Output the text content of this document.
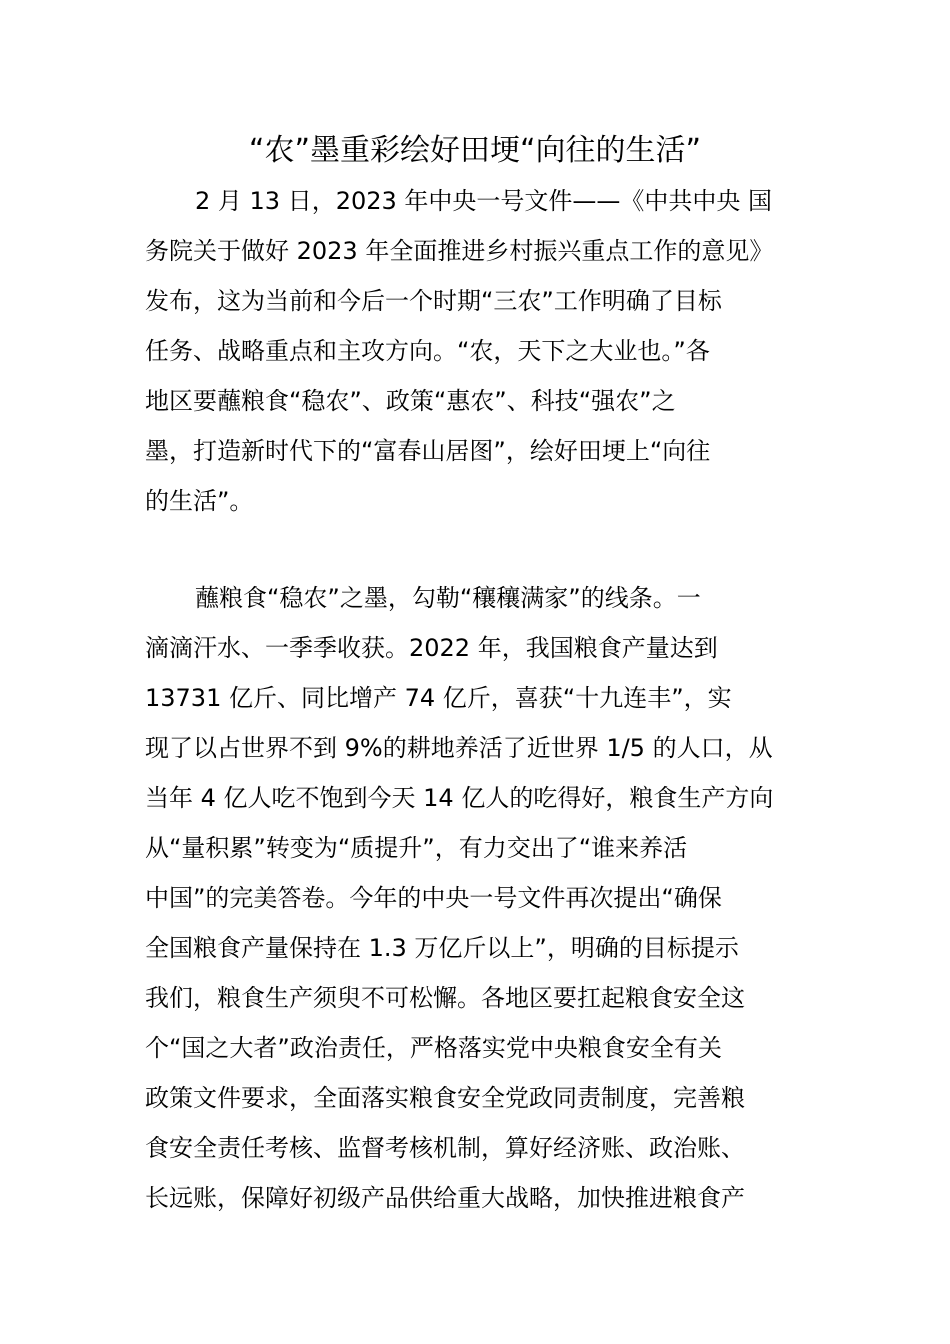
“农”墨重彩绘好田埂“向往的生活”
2 月 13 日，2023 年中央一号文件——《中共中央 国
务院关于做好 2023 年全面推进乡村振兴重点工作的意见》
发布，这为当前和今后一个时期“三农”工作明确了目标
任务、战略重点和主攻方向。“农，天下之大业也。”各
地区要蘸粮食“稳农”、政策“惠农”、科技“强农”之
墨，打造新时代下的“富春山居图”，绘好田埂上“向往
的生活”。
蘸粮食“稳农”之墨，勾勒“穰穰满家”的线条。一
滴滴汗水、一季季收获。2022 年，我国粮食产量达到
13731 亿斤、同比增产 74 亿斤，喜获“十九连丰”，实
现了以占世界不到 9%的耕地养活了近世界 1/5 的人口，从
当年 4 亿人吃不饱到今天 14 亿人的吃得好，粮食生产方向
从“量积累”转变为“质提升”，有力交出了“谁来养活
中国”的完美答卷。今年的中央一号文件再次提出“确保
全国粮食产量保持在 1.3 万亿斤以上”，明确的目标提示
我们，粮食生产须臾不可松懈。各地区要扛起粮食安全这
个“国之大者”政治责任，严格落实党中央粮食安全有关
政策文件要求，全面落实粮食安全党政同责制度，完善粮
食安全责任考核、监督考核机制，算好经济账、政治账、
长远账，保障好初级产品供给重大战略，加快推进粮食产
